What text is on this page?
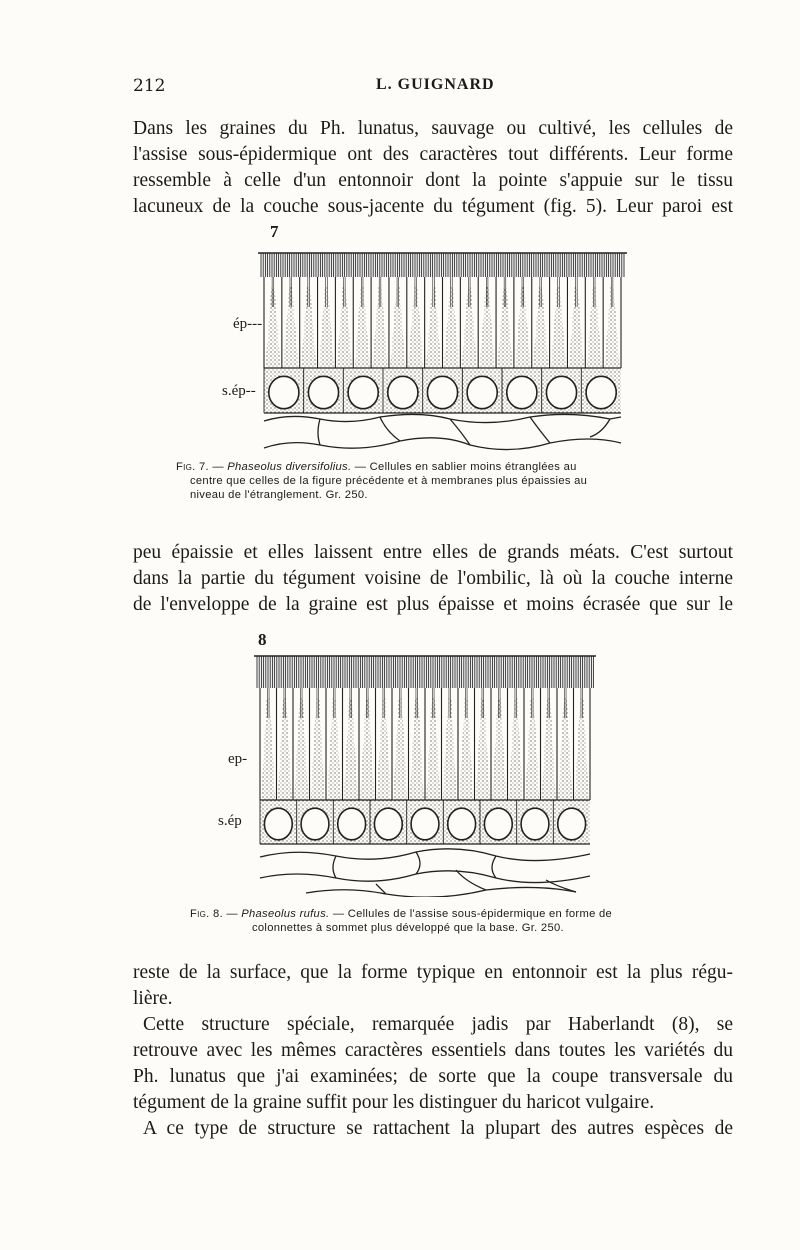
212	L. GUIGNARD
Dans les graines du Ph. lunatus, sauvage ou cultivé, les cellules de
l'assise sous-épidermique ont des caractères tout différents. Leur forme
ressemble à celle d'un entonnoir dont la pointe s'appuie sur le tissu
lacuneux de la couche sous-jacente du tégument (fig. 5). Leur paroi est
7
ép---
s.ép--
Fig. 7. — Phaseolus diversifolius. — Cellules en sablier moins étranglées au
centre que celles de la figure précédente et à membranes plus épaissies au
niveau de l'étranglement. Gr. 250.
peu épaissie et elles laissent entre elles de grands méats. C'est surtout
dans la partie du tégument voisine de l'ombilic, là où la couche interne
de l'enveloppe de la graine est plus épaisse et moins écrasée que sur le
8
ep-
s.ép
Fig. 8. — Phaseolus rufus. — Cellules de l'assise sous-épidermique en forme de
colonnettes à sommet plus développé que la base. Gr. 250.
reste de la surface, que la forme typique en entonnoir est la plus régu-
lière.
Cette structure spéciale, remarquée jadis par Haberlandt (8), se
retrouve avec les mêmes caractères essentiels dans toutes les variétés du
Ph. lunatus que j'ai examinées; de sorte que la coupe transversale du
tégument de la graine suffit pour les distinguer du haricot vulgaire.
A ce type de structure se rattachent la plupart des autres espèces de
